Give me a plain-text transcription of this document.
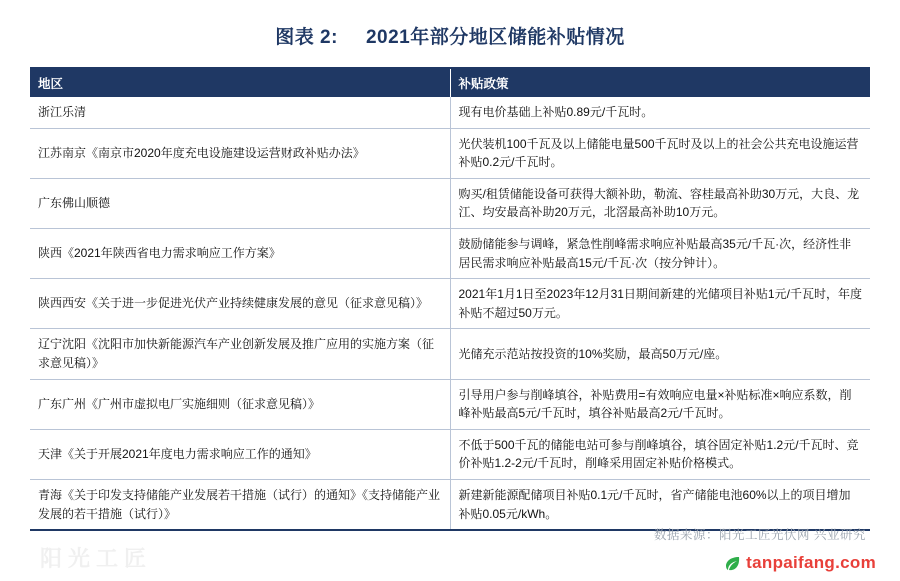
图表 2: 2021年部分地区储能补贴情况
地区	补贴政策
浙江乐清	现有电价基础上补贴0.89元/千瓦时。
江苏南京《南京市2020年度充电设施建设运营财政补贴办法》	光伏装机100千瓦及以上储能电量500千瓦时及以上的社会公共充电设施运营补贴0.2元/千瓦时。
广东佛山顺德	购买/租赁储能设备可获得大额补助，勒流、容桂最高补助30万元，大良、龙江、均安最高补助20万元，北滘最高补助10万元。
陕西《2021年陕西省电力需求响应工作方案》	鼓励储能参与调峰，紧急性削峰需求响应补贴最高35元/千瓦·次，经济性非居民需求响应补贴最高15元/千瓦·次（按分钟计）。
陕西西安《关于进一步促进光伏产业持续健康发展的意见（征求意见稿）》	2021年1月1日至2023年12月31日期间新建的光储项目补贴1元/千瓦时，年度补贴不超过50万元。
辽宁沈阳《沈阳市加快新能源汽车产业创新发展及推广应用的实施方案（征求意见稿）》	光储充示范站按投资的10%奖励，最高50万元/座。
广东广州《广州市虚拟电厂实施细则（征求意见稿）》	引导用户参与削峰填谷，补贴费用=有效响应电量×补贴标准×响应系数，削峰补贴最高5元/千瓦时，填谷补贴最高2元/千瓦时。
天津《关于开展2021年度电力需求响应工作的通知》	不低于500千瓦的储能电站可参与削峰填谷，填谷固定补贴1.2元/千瓦时、竞价补贴1.2-2元/千瓦时，削峰采用固定补贴价格模式。
青海《关于印发支持储能产业发展若干措施（试行）的通知》《支持储能产业发展的若干措施（试行）》	新建新能源配储项目补贴0.1元/千瓦时，省产储能电池60%以上的项目增加补贴0.05元/kWh。
数据来源：阳光工匠光伏网 兴业研究
阳光工匠	tanpaifang.com
